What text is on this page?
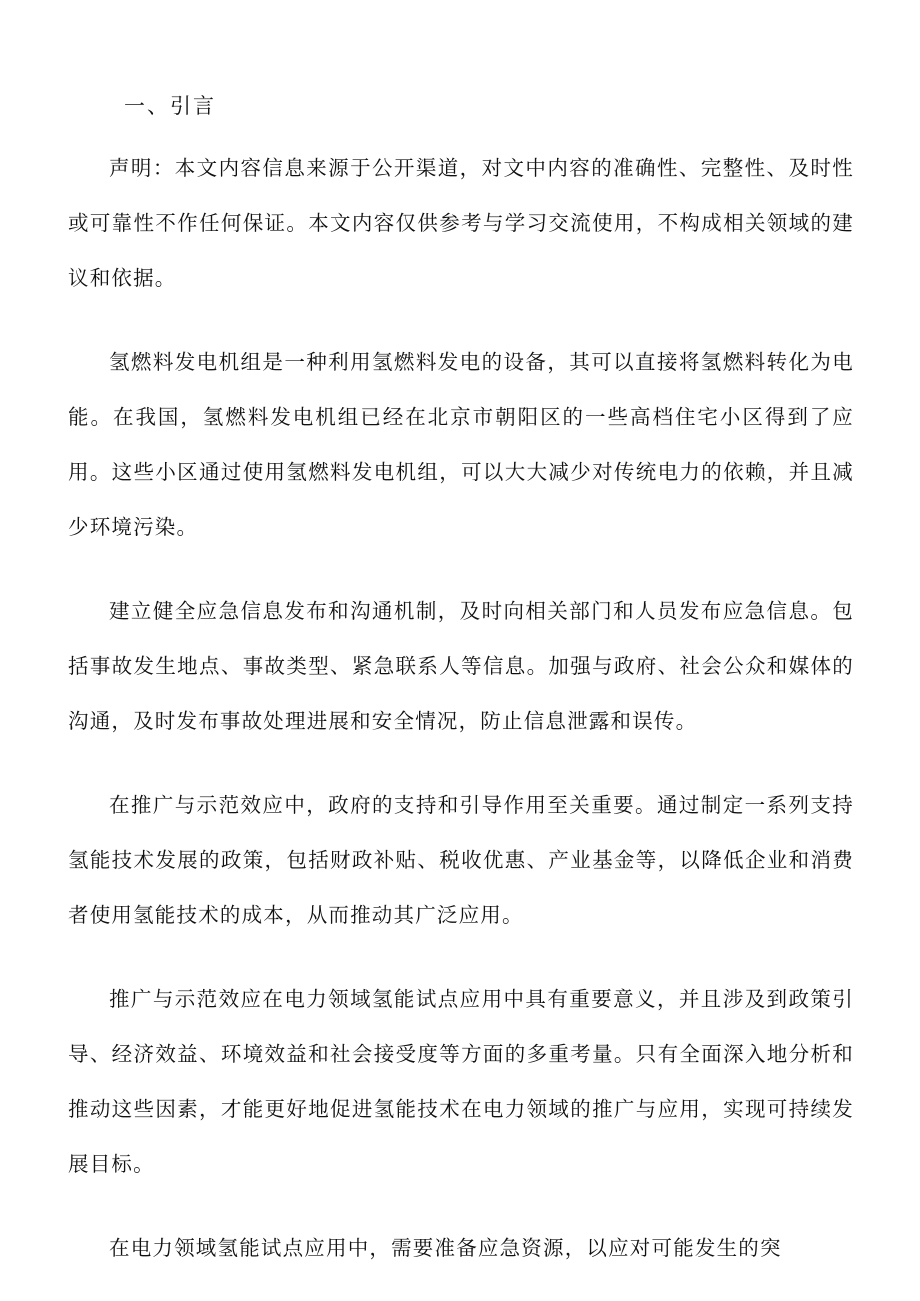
一、引言

声明：本文内容信息来源于公开渠道，对文中内容的准确性、完整性、及时性或可靠性不作任何保证。本文内容仅供参考与学习交流使用，不构成相关领域的建议和依据。

氢燃料发电机组是一种利用氢燃料发电的设备，其可以直接将氢燃料转化为电能。在我国，氢燃料发电机组已经在北京市朝阳区的一些高档住宅小区得到了应用。这些小区通过使用氢燃料发电机组，可以大大减少对传统电力的依赖，并且减少环境污染。

建立健全应急信息发布和沟通机制，及时向相关部门和人员发布应急信息。包括事故发生地点、事故类型、紧急联系人等信息。加强与政府、社会公众和媒体的沟通，及时发布事故处理进展和安全情况，防止信息泄露和误传。

在推广与示范效应中，政府的支持和引导作用至关重要。通过制定一系列支持氢能技术发展的政策，包括财政补贴、税收优惠、产业基金等，以降低企业和消费者使用氢能技术的成本，从而推动其广泛应用。

推广与示范效应在电力领域氢能试点应用中具有重要意义，并且涉及到政策引导、经济效益、环境效益和社会接受度等方面的多重考量。只有全面深入地分析和推动这些因素，才能更好地促进氢能技术在电力领域的推广与应用，实现可持续发展目标。

在电力领域氢能试点应用中，需要准备应急资源，以应对可能发生的突
